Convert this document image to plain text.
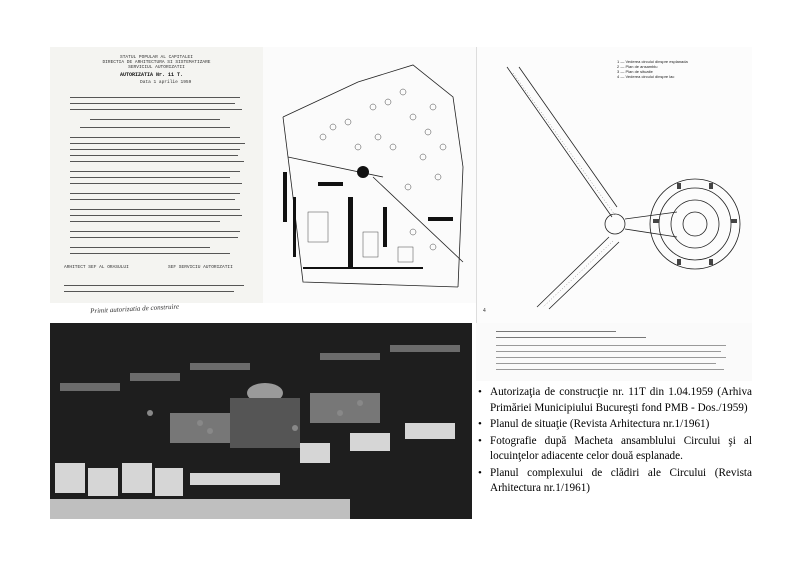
STATUL POPULAR AL CAPITALEI
DIRECTIA DE ARHITECTURA SI SISTEMATIZARE
SERVICIUL AUTORIZATII
AUTORIZATIA Nr. 11 T.
Data 1 aprilie 1959
ARHITECT SEF AL ORASULUI	SEF SERVICIU AUTORIZATII
Primit autorizatia de construire
1 — Vederea circului dinspre esplanada
2 — Plan de ansamblu
3 — Plan de situatie
4 — Vederea circului dinspre lac
4
• Autorizaţia de construcţie nr. 11T din 1.04.1959 (Arhiva Primăriei Municipiului Bucureşti fond PMB - Dos./1959)
• Planul de situaţie (Revista Arhitectura nr.1/1961)
• Fotografie după Macheta ansamblului Circului şi al locuinţelor adiacente celor două esplanade.
• Planul complexului de clădiri ale Circului (Revista Arhitectura nr.1/1961)
